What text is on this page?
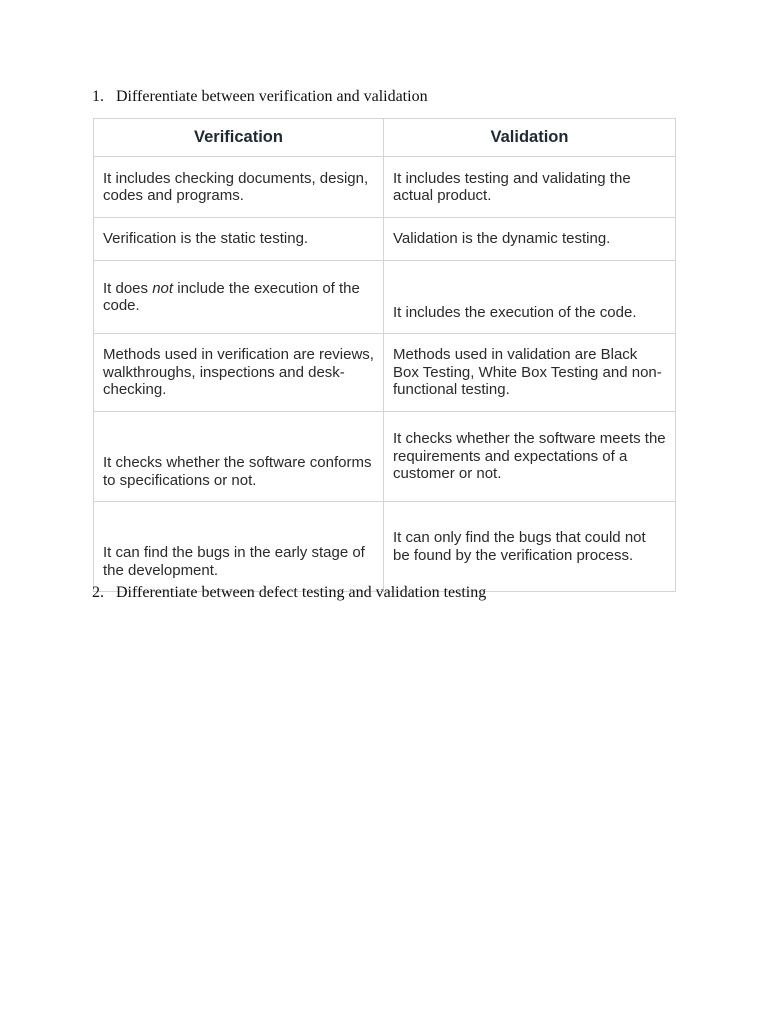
1. Differentiate between verification and validation
Verification	Validation
It includes checking documents, design, codes and programs.	It includes testing and validating the actual product.
Verification is the static testing.	Validation is the dynamic testing.
It does not include the execution of the code.	It includes the execution of the code.
Methods used in verification are reviews, walkthroughs, inspections and desk-checking.	Methods used in validation are Black Box Testing, White Box Testing and non-functional testing.
It checks whether the software conforms to specifications or not.	It checks whether the software meets the requirements and expectations of a customer or not.
It can find the bugs in the early stage of the development.	It can only find the bugs that could not be found by the verification process.
2. Differentiate between defect testing and validation testing
